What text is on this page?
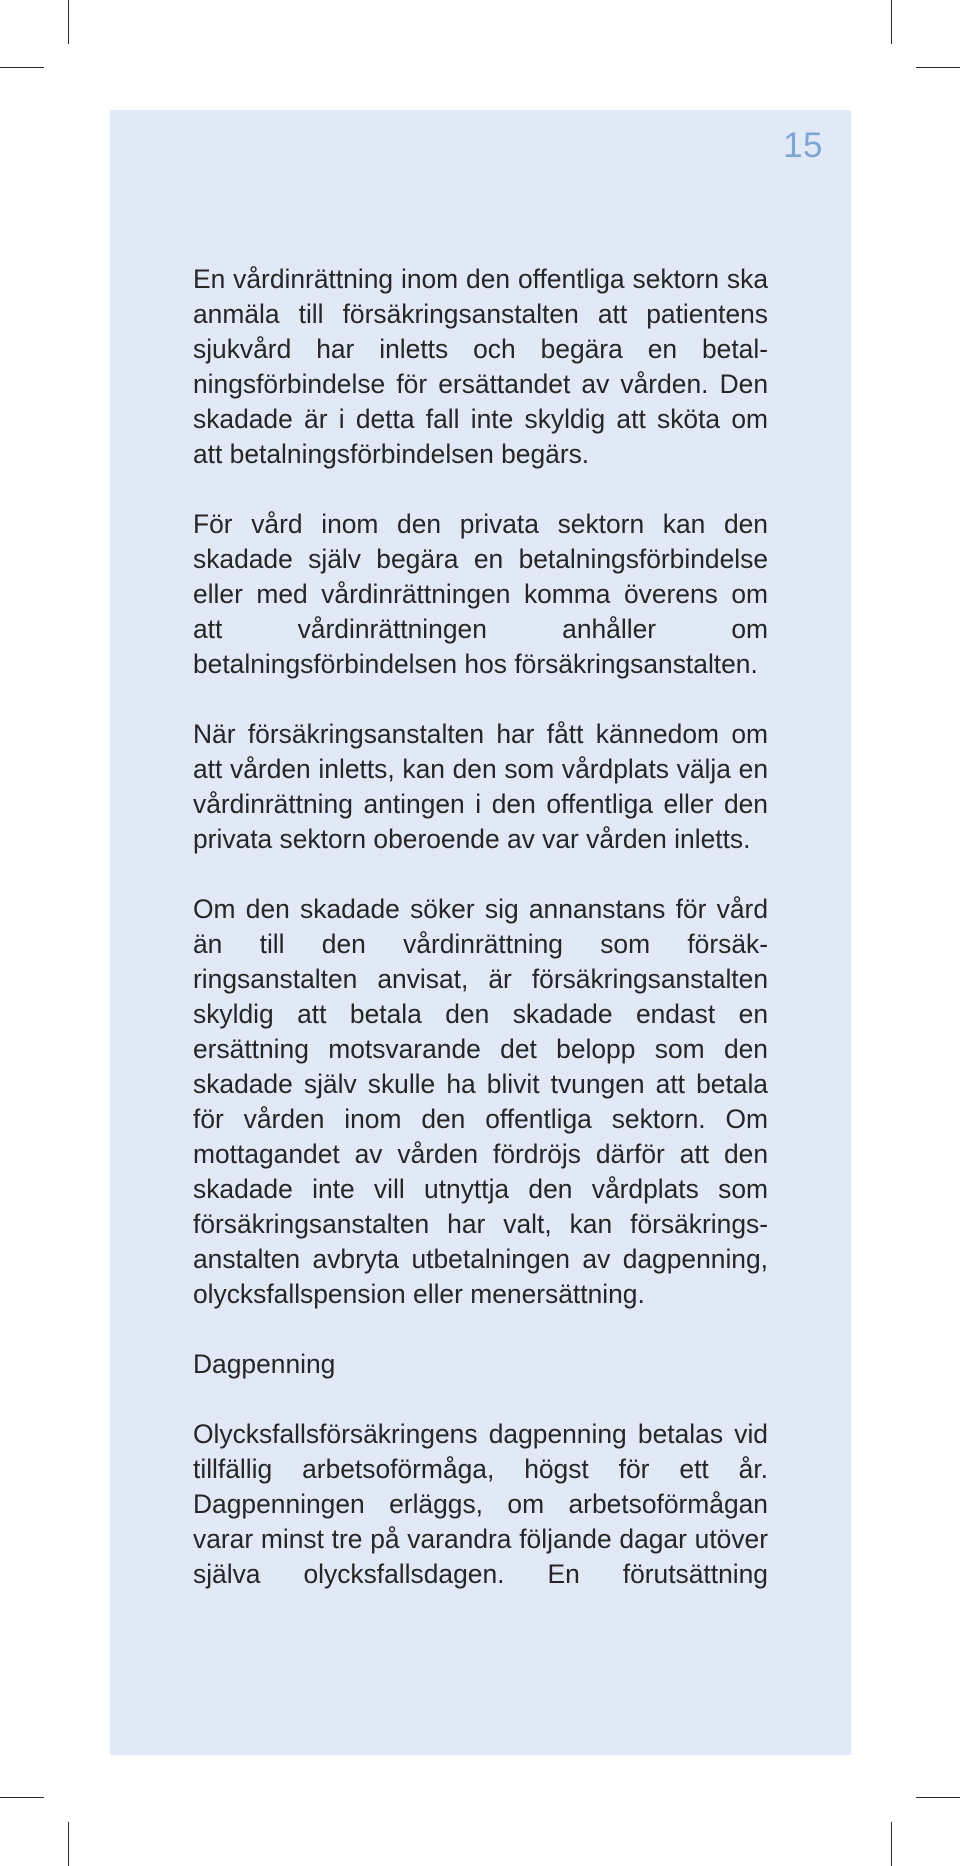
15

En vårdinrättning inom den offentliga sektorn ska anmäla till försäkringsanstalten att patientens sjukvård har inletts och begära en betalningsförbindelse för ersättandet av vården. Den skadade är i detta fall inte skyldig att sköta om att betalningsförbindelsen begärs.

För vård inom den privata sektorn kan den skadade själv begära en betalningsförbindelse eller med vårdinrättningen komma överens om att vårdinrättningen anhåller om betalningsförbindelsen hos försäkringsanstalten.

När försäkringsanstalten har fått kännedom om att vården inletts, kan den som vårdplats välja en vårdinrättning antingen i den offentliga eller den privata sektorn oberoende av var vården inletts.

Om den skadade söker sig annanstans för vård än till den vårdinrättning som försäkringsanstalten anvisat, är försäkringsanstalten skyldig att betala den skadade endast en ersättning motsvarande det belopp som den skadade själv skulle ha blivit tvungen att betala för vården inom den offentliga sektorn. Om mottagandet av vården fördröjs därför att den skadade inte vill utnyttja den vårdplats som försäkringsanstalten har valt, kan försäkringsanstalten avbryta utbetalningen av dagpenning, olycksfallspension eller menersättning.

Dagpenning

Olycksfallsförsäkringens dagpenning betalas vid tillfällig arbetsoförmåga, högst för ett år. Dagpenningen erläggs, om arbetsoförmågan varar minst tre på varandra följande dagar utöver själva olycksfallsdagen. En förutsättning
